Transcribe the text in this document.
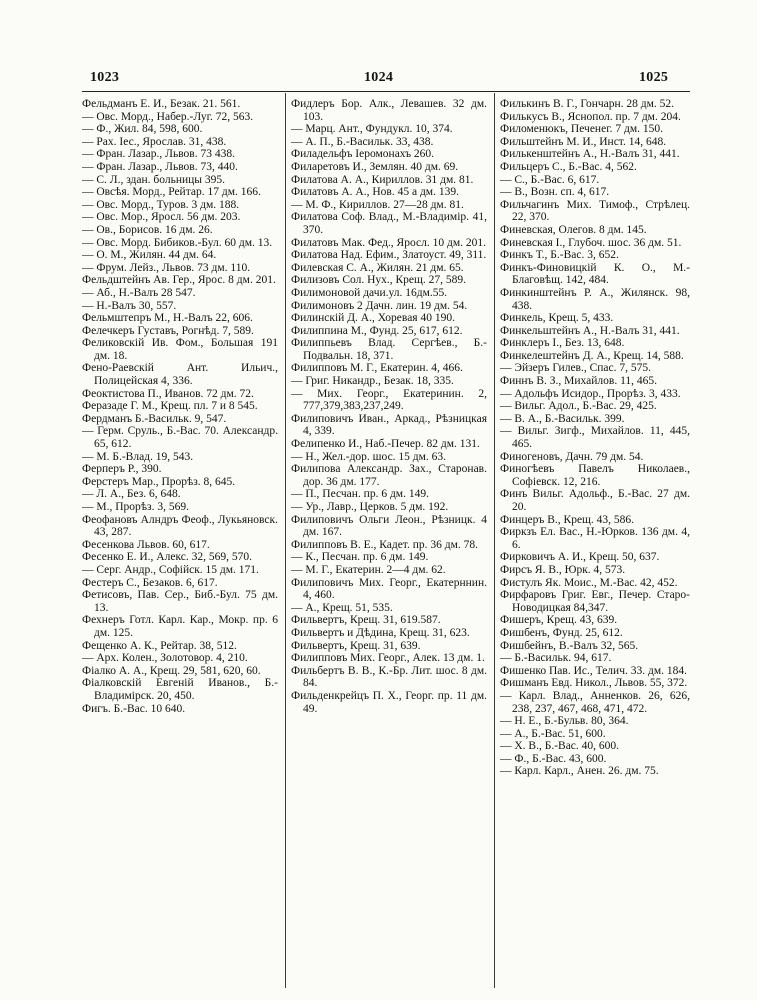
1023	1024	1025

Фельдманъ Е. И., Безак. 21. 561.

— Овс. Морд., Набер.-Луг. 72, 563.

— Ф., Жил. 84, 598, 600.

— Рах. Іес., Ярослав. 31, 438.

— Фран. Лазар., Львов. 73 438.

— Фран. Лазар., Львов. 73, 440.

— С. Л., здан. больницы 395.

— Овсѣя. Морд., Рейтар. 17 дм. 166.

— Овс. Морд., Туров. 3 дм. 188.

— Овс. Мор., Яросл. 56 дм. 203.

— Ов., Борисов. 16 дм. 26.

— Овс. Морд. Бибиков.-Бул. 60 дм. 13.

— О. М., Жилян. 44 дм. 64.

— Фрум. Лейз., Львов. 73 дм. 110.

Фельдштейнъ Ав. Гер., Ярос. 8 дм. 201.

— Аб., Н.-Валъ 28 547.

— Н.-Валъ 30, 557.

Фельмштепръ М., Н.-Валъ 22, 606.

Фелечкеръ Густавъ, Рогнѣд. 7, 589.

Феликовскій Ив. Фом., Большая 191 дм. 18.

Фено-Раевскій Ант. Ильич., Полицейская 4, 336.

Феоктистова П., Иванов. 72 дм. 72.

Феразаде Г. М., Крещ. пл. 7 и 8 545.

Фердманъ Б.-Васильк. 9, 547.

— Герм. Сруль., Б.-Вас. 70. Александр. 65, 612.

— М. Б.-Влад. 19, 543.

Ферперъ Р., 390.

Ферстеръ Мар., Прорѣз. 8, 645.

— Л. А., Без. 6, 648.

— М., Прорѣз. 3, 569.

Феофановъ Алндръ Феоф., Лукьяновск. 43, 287.

Фесенкова Львов. 60, 617.

Фесенко Е. И., Алекс. 32, 569, 570.

— Серг. Андр., Софійск. 15 дм. 171.

Фестеръ С., Безаков. 6, 617.

Фетисовъ, Пав. Сер., Биб.-Бул. 75 дм. 13.

Фехнеръ Готл. Карл. Кар., Мокр. пр. 6 дм. 125.

Фещенко А. К., Рейтар. 38, 512.

— Арх. Колен., Золотовор. 4, 210.

Фіалко А. А., Крещ. 29, 581, 620, 60.

Фіалковскій Евгеній Иванов., Б.-Владимірск. 20, 450.

Фигъ. Б.-Вас. 10 640.

Фидлеръ Бор. Алк., Левашев. 32 дм. 103.

— Марц. Ант., Фундукл. 10, 374.

— А. П., Б.-Васильк. 33, 438.

Филадельфъ Іеромонахъ 260.

Филаретовъ И., Землян. 40 дм. 69.

Филатова А. А., Кириллов. 31 дм. 81.

Филатовъ А. А., Нов. 45 а дм. 139.

— М. Ф., Кириллов. 27—28 дм. 81.

Филатова Соф. Влад., М.-Владимір. 41, 370.

Филатовъ Мак. Фед., Яросл. 10 дм. 201.

Филатова Над. Ефим., Златоуст. 49, 311.

Филевская С. А., Жилян. 21 дм. 65.

Филизовъ Сол. Нух., Крещ. 27, 589.

Филимоновой дачи.ул. 16дм.55.

Филимоновъ 2 Дачн. лин. 19 дм. 54.

Филинскій Д. А., Хоревая 40 190.

Филиппина М., Фунд. 25, 617, 612.

Филиппьевъ Влад. Сергѣев., Б.-Подвальн. 18, 371.

Филипповъ М. Г., Екатерин. 4, 466.

— Григ. Никандр., Безак. 18, 335.

— Мих. Георг., Екатеринин. 2, 777,379,383,237,249.

Филиповичъ Иван., Аркад., Рѣзницкая 4, 339.

Фелипенко И., Наб.-Печер. 82 дм. 131.

— Н., Жел.-дор. шос. 15 дм. 63.

Филипова Александр. Зах., Старонав. дор. 36 дм. 177.

— П., Песчан. пр. 6 дм. 149.

— Ур., Лавр., Церков. 5 дм. 192.

Филиповичъ Ольги Леон., Рѣзницк. 4 дм. 167.

Филипповъ В. Е., Кадет. пр. 36 дм. 78.

— К., Песчан. пр. 6 дм. 149.

— М. Г., Екатерин. 2—4 дм. 62.

Филиповичъ Мих. Георг., Екатерннин. 4, 460.

— А., Крещ. 51, 535.

Фильвертъ, Крещ. 31, 619.587.

Фильвертъ и Дѣдина, Крещ. 31, 623.

Фильвертъ, Крещ. 31, 639.

Филипповъ Мих. Георг., Алек. 13 дм. 1.

Фильбертъ В. В., К.-Бр. Лит. шос. 8 дм. 84.

Фильденкрейцъ П. Х., Георг. пр. 11 дм. 49.

Филькинъ В. Г., Гончарн. 28 дм. 52.

Филькусъ В., Яснопол. пр. 7 дм. 204.

Филоменюкъ, Печенег. 7 дм. 150.

Фильштейнъ М. И., Инст. 14, 648.

Филькенштейнъ А., Н.-Валъ 31, 441.

Фильцеръ С., Б.-Вас. 4, 562.

— С., Б.-Вас. 6, 617.

— В., Возн. сп. 4, 617.

Фильчагинъ Мих. Тимоф., Стрѣлец. 22, 370.

Финевская, Олегов. 8 дм. 145.

Финевская І., Глубоч. шос. 36 дм. 51.

Финкъ Т., Б.-Вас. 3, 652.

Финкъ-Финовицкій К. О., М.-Благовѣщ. 142, 484.

Финкинштейнъ Р. А., Жилянск. 98, 438.

Финкель, Крещ. 5, 433.

Финкельштейнъ А., Н.-Валъ 31, 441.

Финклеръ І., Без. 13, 648.

Финкелештейнъ Д. А., Крещ. 14, 588.

— Эйзеръ Гилев., Спас. 7, 575.

Финнъ В. З., Михайлов. 11, 465.

— Адольфъ Исидор., Прорѣз. 3, 433.

— Вильг. Адол., Б.-Вас. 29, 425.

— В. А., Б.-Васильк. 399.

— Вильг. Зигф., Михайлов. 11, 445, 465.

Финогеновъ, Дачн. 79 дм. 54.

Финогѣевъ Павелъ Николаев., Софіевск. 12, 216.

Финъ Вильг. Адольф., Б.-Вас. 27 дм. 20.

Финцеръ В., Крещ. 43, 586.

Фиркзъ Ел. Вас., Н.-Юрков. 136 дм. 4, 6.

Фирковичъ А. И., Крещ. 50, 637.

Фирсъ Я. В., Юрк. 4, 573.

Фистулъ Як. Моис., М.-Вас. 42, 452.

Фирфаровъ Григ. Евг., Печер. Старо-Новодицкая 84,347.

Фишеръ, Крещ. 43, 639.

Фишбенъ, Фунд. 25, 612.

Фишбейнъ, В.-Валъ 32, 565.

— Б.-Васильк. 94, 617.

Фишенко Пав. Ис., Телич. 33. дм. 184.

Фишманъ Евд. Никол., Львов. 55, 372.

— Карл. Влад., Анненков. 26, 626, 238, 237, 467, 468, 471, 472.

— Н. Е., Б.-Бульв. 80, 364.

— А., Б.-Вас. 51, 600.

— Х. В., Б.-Вас. 40, 600.

— Ф., Б.-Вас. 43, 600.

— Карл. Карл., Анен. 26. дм. 75.
